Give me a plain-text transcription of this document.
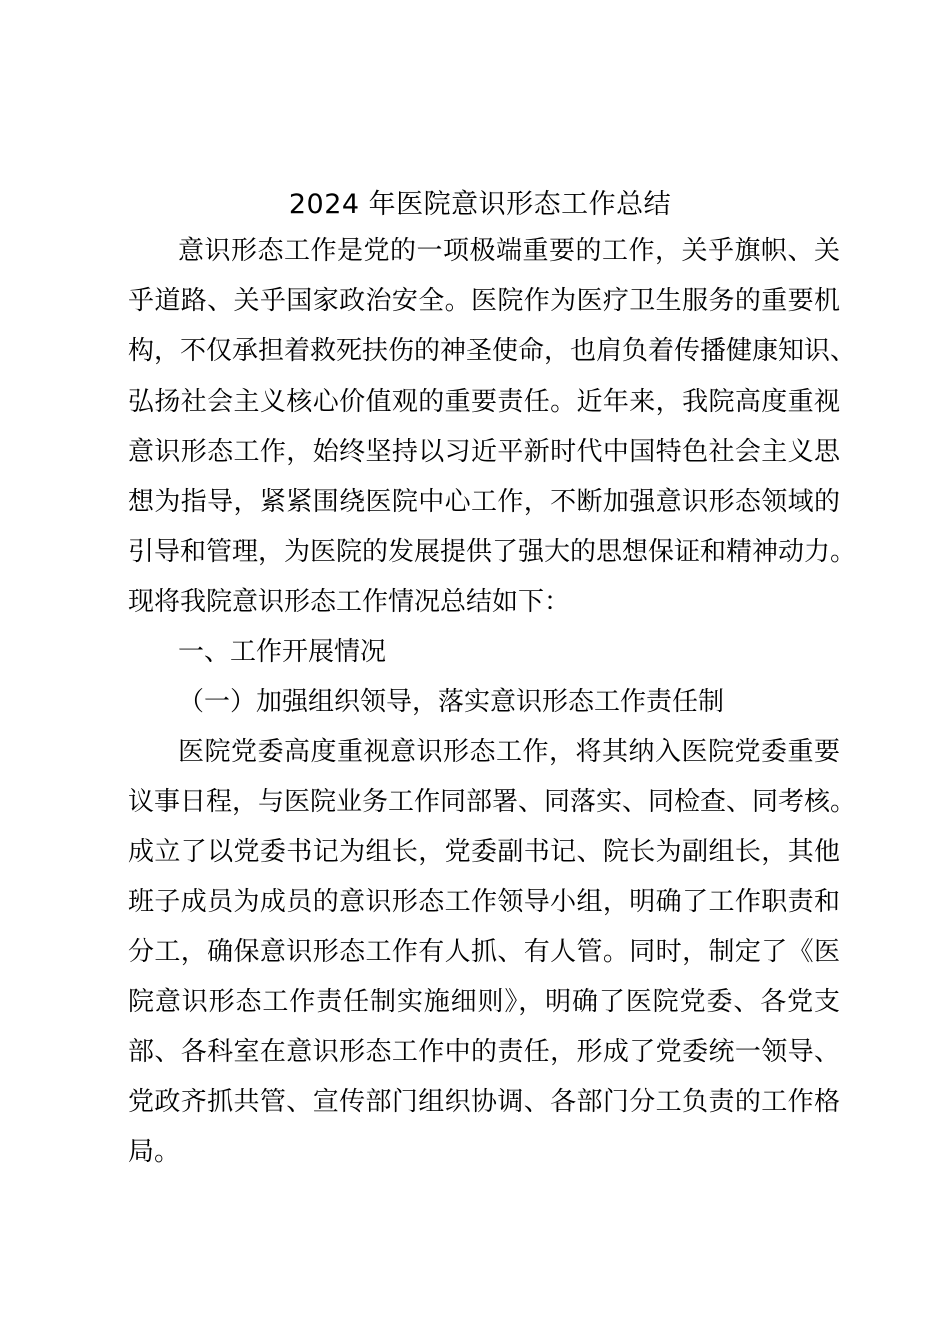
2024 年医院意识形态工作总结
意识形态工作是党的一项极端重要的工作，关乎旗帜、关
乎道路、关乎国家政治安全。医院作为医疗卫生服务的重要机
构，不仅承担着救死扶伤的神圣使命，也肩负着传播健康知识、
弘扬社会主义核心价值观的重要责任。近年来，我院高度重视
意识形态工作，始终坚持以习近平新时代中国特色社会主义思
想为指导，紧紧围绕医院中心工作，不断加强意识形态领域的
引导和管理，为医院的发展提供了强大的思想保证和精神动力。
现将我院意识形态工作情况总结如下：
一、工作开展情况
（一）加强组织领导，落实意识形态工作责任制
医院党委高度重视意识形态工作，将其纳入医院党委重要
议事日程，与医院业务工作同部署、同落实、同检查、同考核。
成立了以党委书记为组长，党委副书记、院长为副组长，其他
班子成员为成员的意识形态工作领导小组，明确了工作职责和
分工，确保意识形态工作有人抓、有人管。同时，制定了《医
院意识形态工作责任制实施细则》，明确了医院党委、各党支
部、各科室在意识形态工作中的责任，形成了党委统一领导、
党政齐抓共管、宣传部门组织协调、各部门分工负责的工作格
局。
